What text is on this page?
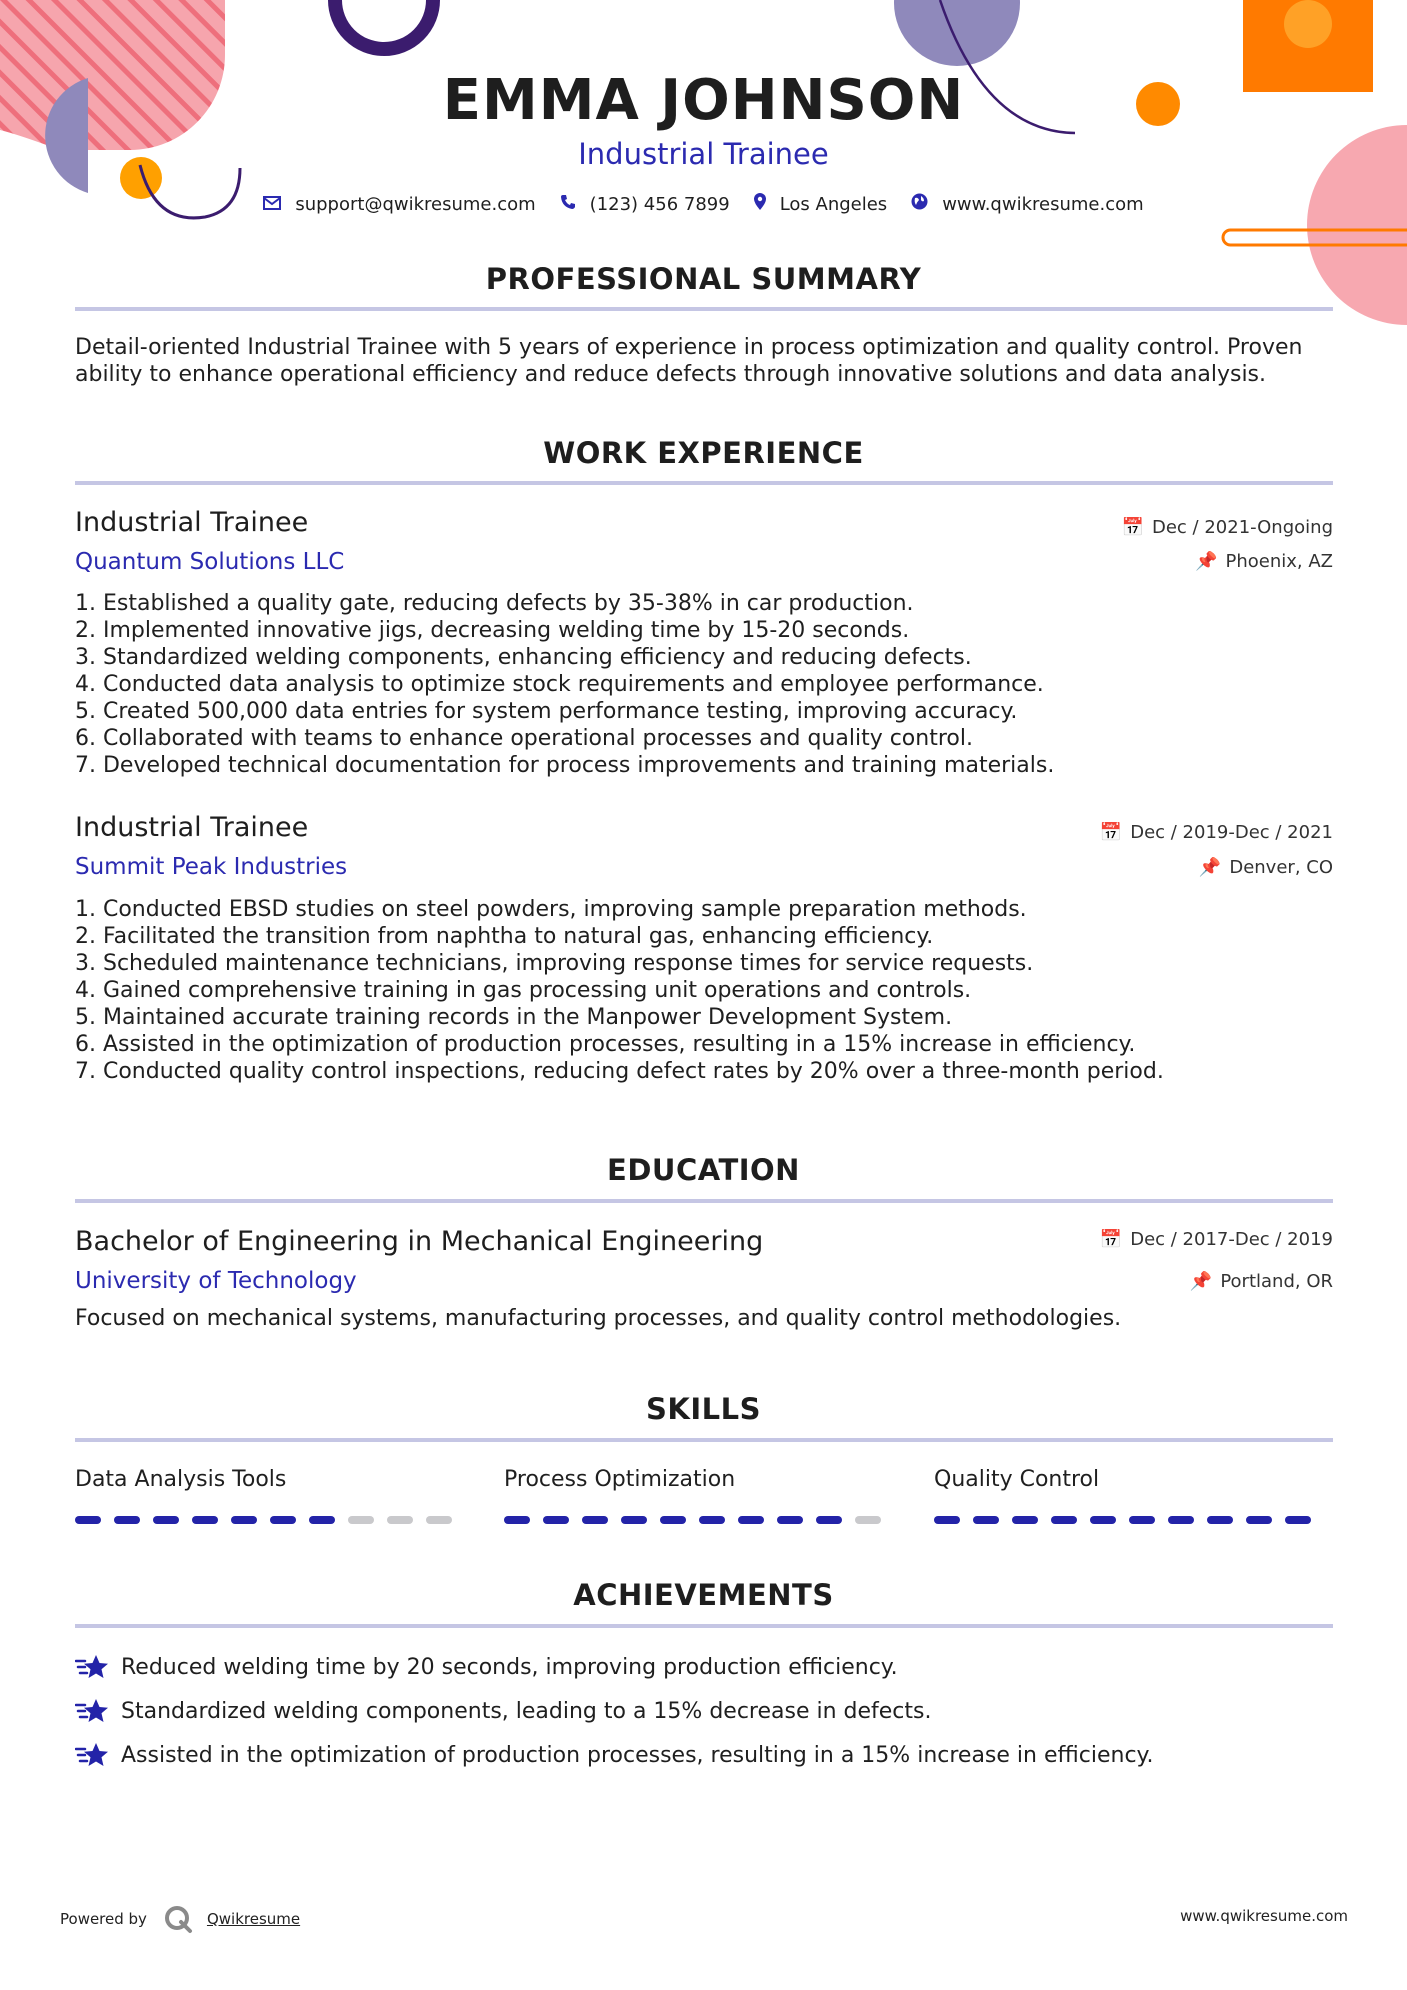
EMMA JOHNSON
Industrial Trainee
support@qwikresume.com	(123) 456 7899	Los Angeles	www.qwikresume.com
PROFESSIONAL SUMMARY
Detail-oriented Industrial Trainee with 5 years of experience in process optimization and quality control. Proven ability to enhance operational efficiency and reduce defects through innovative solutions and data analysis.
WORK EXPERIENCE
Industrial Trainee
Quantum Solutions LLC
📅 Dec / 2021-Ongoing
📌 Phoenix, AZ
1. Established a quality gate, reducing defects by 35-38% in car production.
2. Implemented innovative jigs, decreasing welding time by 15-20 seconds.
3. Standardized welding components, enhancing efficiency and reducing defects.
4. Conducted data analysis to optimize stock requirements and employee performance.
5. Created 500,000 data entries for system performance testing, improving accuracy.
6. Collaborated with teams to enhance operational processes and quality control.
7. Developed technical documentation for process improvements and training materials.
Industrial Trainee
Summit Peak Industries
📅 Dec / 2019-Dec / 2021
📌 Denver, CO
1. Conducted EBSD studies on steel powders, improving sample preparation methods.
2. Facilitated the transition from naphtha to natural gas, enhancing efficiency.
3. Scheduled maintenance technicians, improving response times for service requests.
4. Gained comprehensive training in gas processing unit operations and controls.
5. Maintained accurate training records in the Manpower Development System.
6. Assisted in the optimization of production processes, resulting in a 15% increase in efficiency.
7. Conducted quality control inspections, reducing defect rates by 20% over a three-month period.
EDUCATION
Bachelor of Engineering in Mechanical Engineering
University of Technology
📅 Dec / 2017-Dec / 2019
📌 Portland, OR
Focused on mechanical systems, manufacturing processes, and quality control methodologies.
SKILLS
Data Analysis Tools	Process Optimization	Quality Control
ACHIEVEMENTS
Reduced welding time by 20 seconds, improving production efficiency.
Standardized welding components, leading to a 15% decrease in defects.
Assisted in the optimization of production processes, resulting in a 15% increase in efficiency.
Powered by	Qwikresume	www.qwikresume.com
